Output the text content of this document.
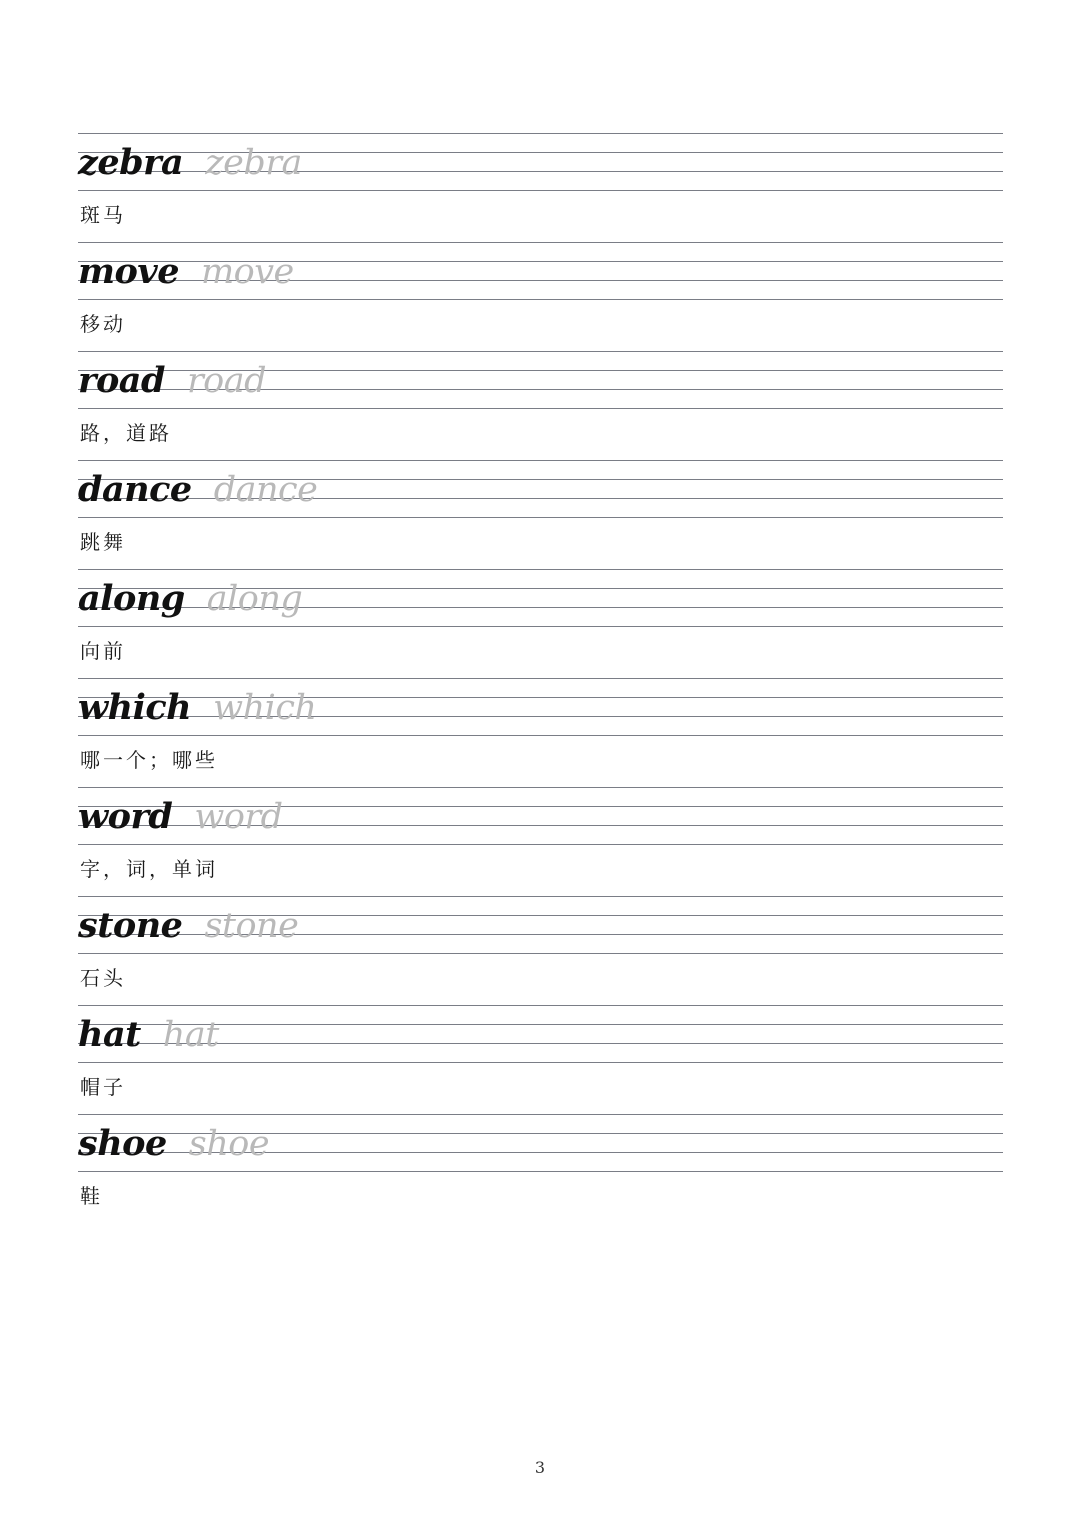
zebra zebra
斑马
move move
移动
road road
路，道路
dance dance
跳舞
along along
向前
which which
哪一个；哪些
word word
字，词，单词
stone stone
石头
hat hat
帽子
shoe shoe
鞋
3
